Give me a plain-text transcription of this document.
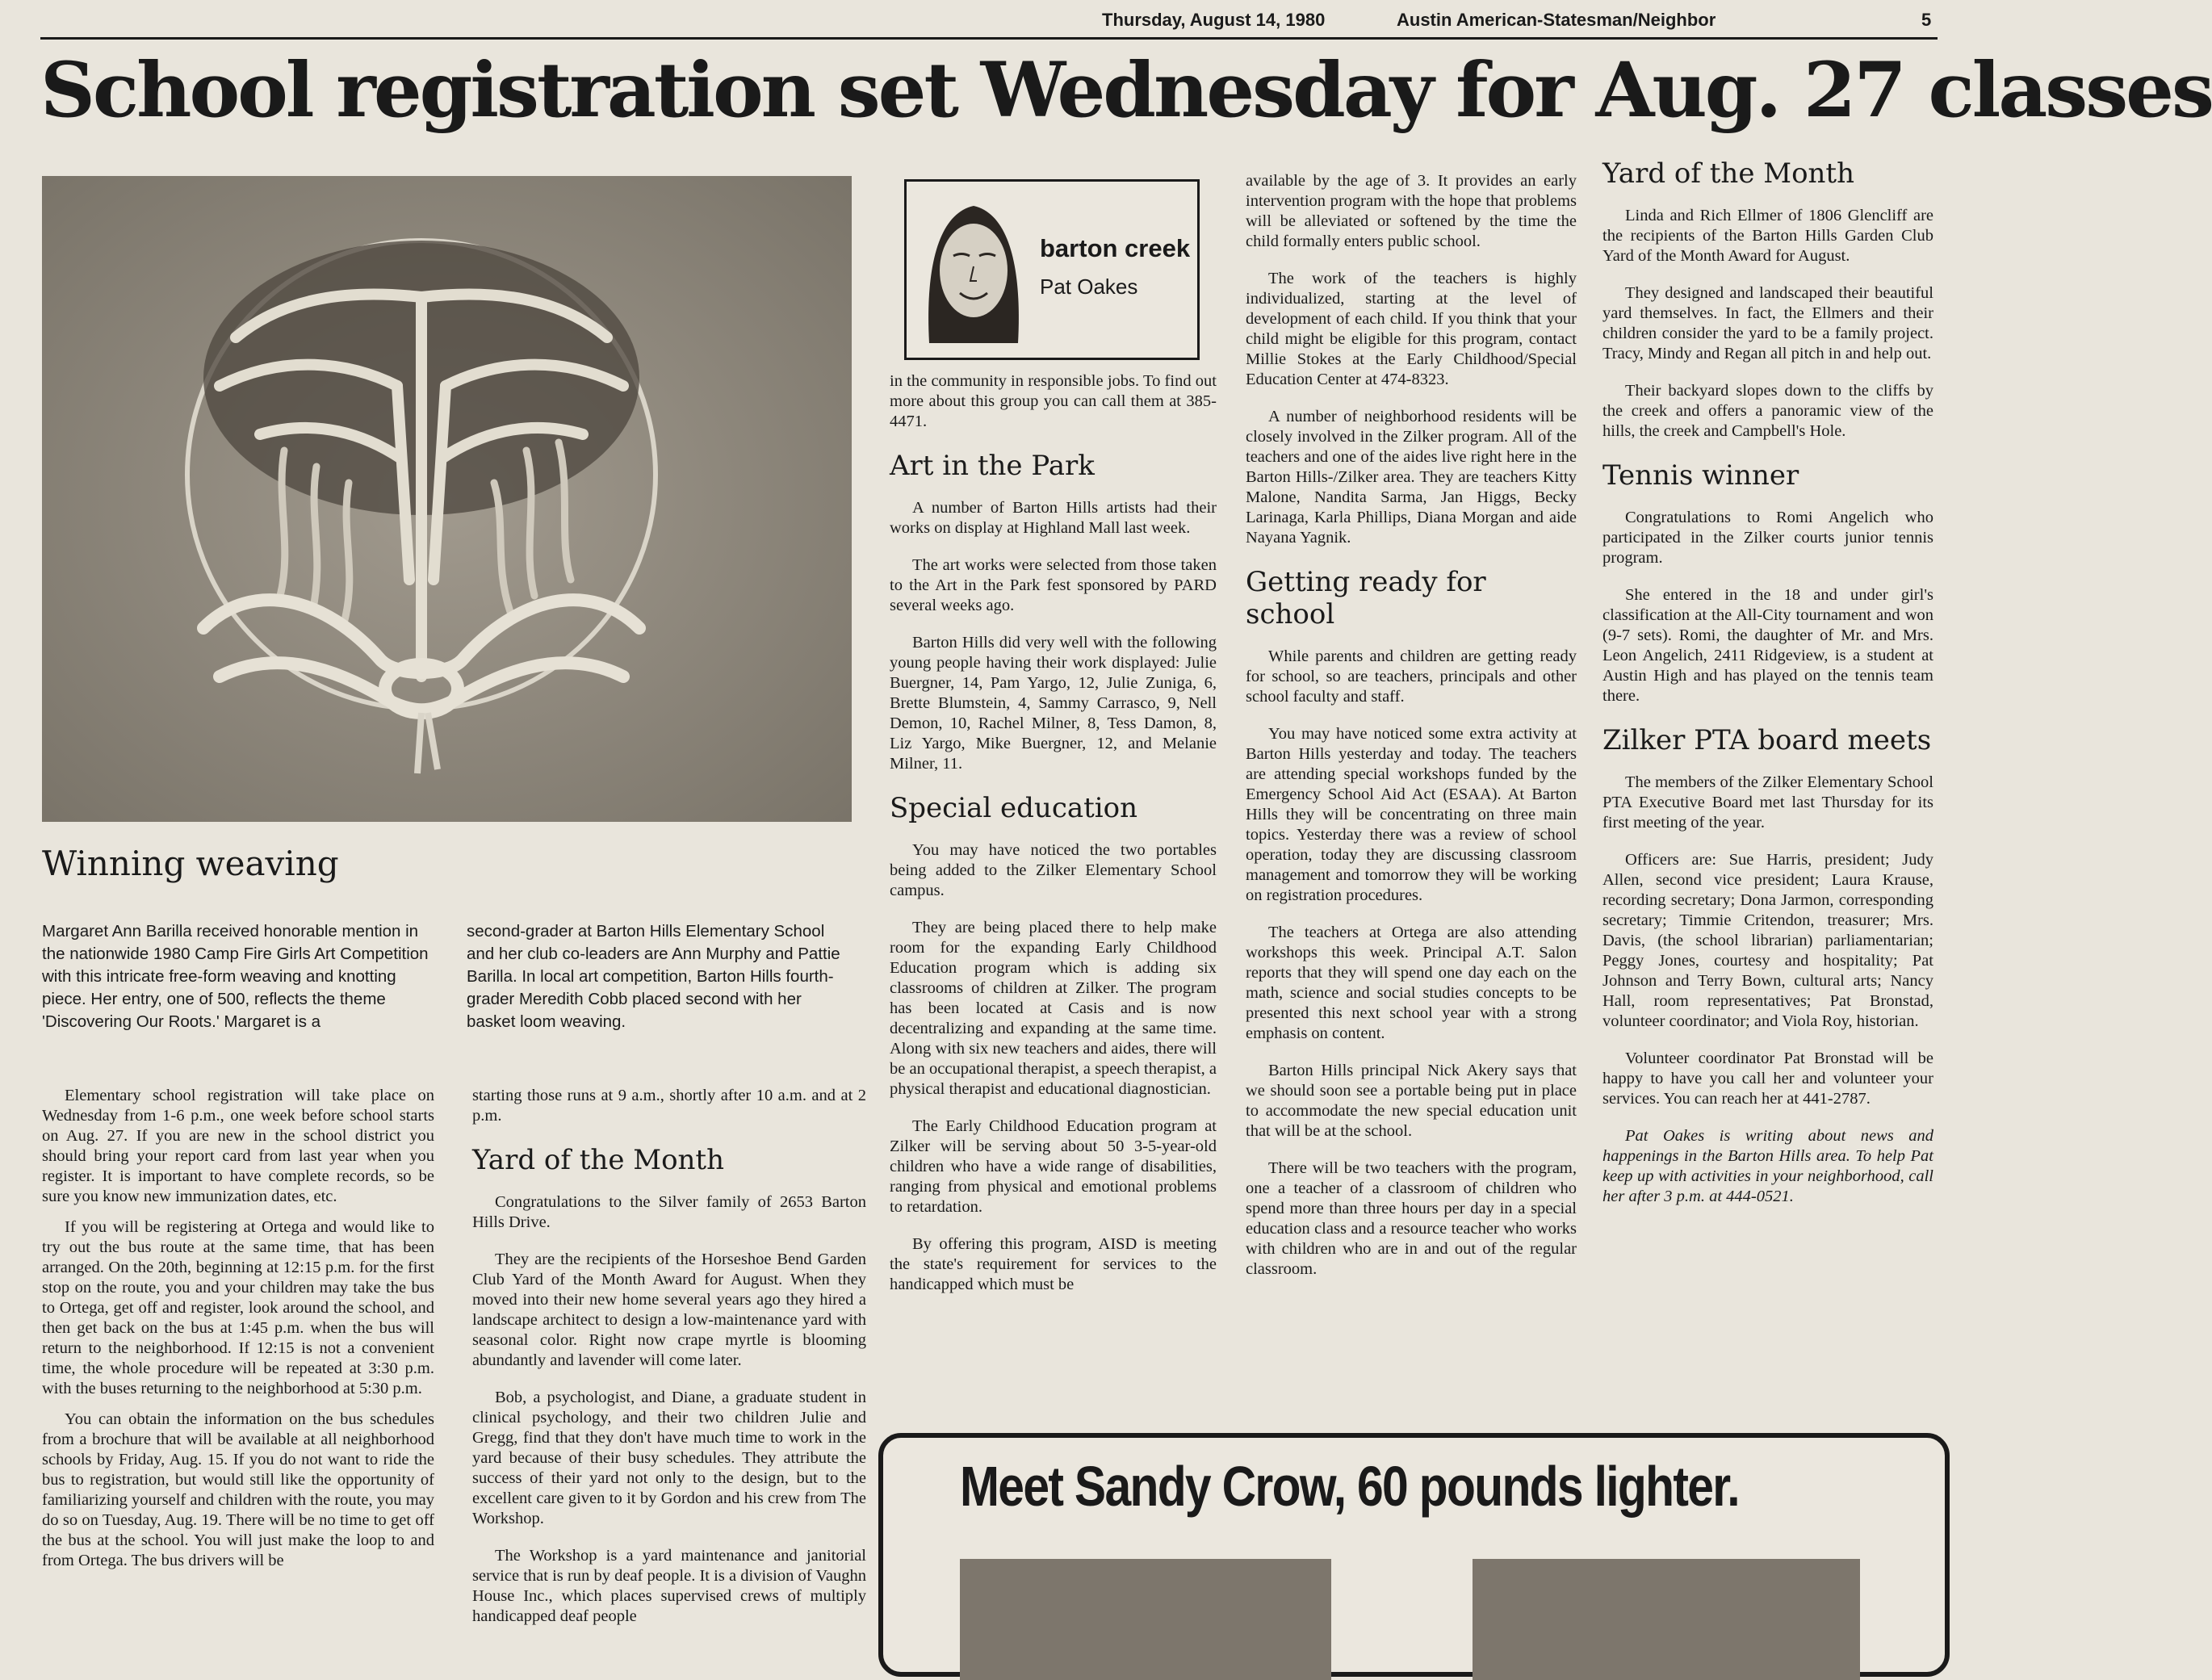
Thursday, August 14, 1980	Austin American-Statesman/Neighbor	5
School registration set Wednesday for Aug. 27 classes
Winning weaving

Margaret Ann Barilla received honorable mention in the nationwide 1980 Camp Fire Girls Art Competition with this intricate free-form weaving and knotting piece. Her entry, one of 500, reflects the theme 'Discovering Our Roots.' Margaret is a

second-grader at Barton Hills Elementary School and her club co-leaders are Ann Murphy and Pattie Barilla. In local art competition, Barton Hills fourth-grader Meredith Cobb placed second with her basket loom weaving.

Elementary school registration will take place on Wednesday from 1-6 p.m., one week before school starts on Aug. 27. If you are new in the school district you should bring your report card from last year when you register. It is important to have complete records, so be sure you know new immunization dates, etc.

If you will be registering at Ortega and would like to try out the bus route at the same time, that has been arranged. On the 20th, beginning at 12:15 p.m. for the first stop on the route, you and your children may take the bus to Ortega, get off and register, look around the school, and then get back on the bus at 1:45 p.m. when the bus will return to the neighborhood. If 12:15 is not a convenient time, the whole procedure will be repeated at 3:30 p.m. with the buses returning to the neighborhood at 5:30 p.m.

You can obtain the information on the bus schedules from a brochure that will be available at all neighborhood schools by Friday, Aug. 15. If you do not want to ride the bus to registration, but would still like the opportunity of familiarizing yourself and children with the route, you may do so on Tuesday, Aug. 19. There will be no time to get off the bus at the school. You will just make the loop to and from Ortega. The bus drivers will be

starting those runs at 9 a.m., shortly after 10 a.m. and at 2 p.m.

Yard of the Month

Congratulations to the Silver family of 2653 Barton Hills Drive.

They are the recipients of the Horseshoe Bend Garden Club Yard of the Month Award for August. When they moved into their new home several years ago they hired a landscape architect to design a low-maintenance yard with seasonal color. Right now crape myrtle is blooming abundantly and lavender will come later.

Bob, a psychologist, and Diane, a graduate student in clinical psychology, and their two children Julie and Gregg, find that they don't have much time to work in the yard because of their busy schedules. They attribute the success of their yard not only to the design, but to the excellent care given to it by Gordon and his crew from The Workshop.

The Workshop is a yard maintenance and janitorial service that is run by deaf people. It is a division of Vaughn House Inc., which places supervised crews of multiply handicapped deaf people

barton creek
Pat Oakes

in the community in responsible jobs. To find out more about this group you can call them at 385-4471.

Art in the Park

A number of Barton Hills artists had their works on display at Highland Mall last week.

The art works were selected from those taken to the Art in the Park fest sponsored by PARD several weeks ago.

Barton Hills did very well with the following young people having their work displayed: Julie Buergner, 14, Pam Yargo, 12, Julie Zuniga, 6, Brette Blumstein, 4, Sammy Carrasco, 9, Nell Demon, 10, Rachel Milner, 8, Tess Damon, 8, Liz Yargo, Mike Buergner, 12, and Melanie Milner, 11.

Special education

You may have noticed the two portables being added to the Zilker Elementary School campus.

They are being placed there to help make room for the expanding Early Childhood Education program which is adding six classrooms of children at Zilker. The program has been located at Casis and is now decentralizing and expanding at the same time. Along with six new teachers and aides, there will be an occupational therapist, a speech therapist, a physical therapist and educational diagnostician.

The Early Childhood Education program at Zilker will be serving about 50 3-5-year-old children who have a wide range of disabilities, ranging from physical and emotional problems to retardation.

By offering this program, AISD is meeting the state's requirement for services to the handicapped which must be

available by the age of 3. It provides an early intervention program with the hope that problems will be alleviated or softened by the time the child formally enters public school.

The work of the teachers is highly individualized, starting at the level of development of each child. If you think that your child might be eligible for this program, contact Millie Stokes at the Early Childhood/Special Education Center at 474-8323.

A number of neighborhood residents will be closely involved in the Zilker program. All of the teachers and one of the aides live right here in the Barton Hills-/Zilker area. They are teachers Kitty Malone, Nandita Sarma, Jan Higgs, Becky Larinaga, Karla Phillips, Diana Morgan and aide Nayana Yagnik.

Getting ready for school

While parents and children are getting ready for school, so are teachers, principals and other school faculty and staff.

You may have noticed some extra activity at Barton Hills yesterday and today. The teachers are attending special workshops funded by the Emergency School Aid Act (ESAA). At Barton Hills they will be concentrating on three main topics. Yesterday there was a review of school operation, today they are discussing classroom management and tomorrow they will be working on registration procedures.

The teachers at Ortega are also attending workshops this week. Principal A.T. Salon reports that they will spend one day each on the math, science and social studies concepts to be presented this next school year with a strong emphasis on content.

Barton Hills principal Nick Akery says that we should soon see a portable being put in place to accommodate the new special education unit that will be at the school.

There will be two teachers with the program, one a teacher of a classroom of children who spend more than three hours per day in a special education class and a resource teacher who works with children who are in and out of the regular classroom.

Yard of the Month

Linda and Rich Ellmer of 1806 Glencliff are the recipients of the Barton Hills Garden Club Yard of the Month Award for August.

They designed and landscaped their beautiful yard themselves. In fact, the Ellmers and their children consider the yard to be a family project. Tracy, Mindy and Regan all pitch in and help out.

Their backyard slopes down to the cliffs by the creek and offers a panoramic view of the hills, the creek and Campbell's Hole.

Tennis winner

Congratulations to Romi Angelich who participated in the Zilker courts junior tennis program.

She entered in the 18 and under girl's classification at the All-City tournament and won (9-7 sets). Romi, the daughter of Mr. and Mrs. Leon Angelich, 2411 Ridgeview, is a student at Austin High and has played on the tennis team there.

Zilker PTA board meets

The members of the Zilker Elementary School PTA Executive Board met last Thursday for its first meeting of the year.

Officers are: Sue Harris, president; Judy Allen, second vice president; Laura Krause, recording secretary; Dona Jarmon, corresponding secretary; Timmie Critendon, treasurer; Mrs. Davis, (the school librarian) parliamentarian; Peggy Jones, courtesy and hospitality; Pat Johnson and Terry Bown, cultural arts; Nancy Hall, room representatives; Pat Bronstad, volunteer coordinator; and Viola Roy, historian.

Volunteer coordinator Pat Bronstad will be happy to have you call her and volunteer your services. You can reach her at 441-2787.

Pat Oakes is writing about news and happenings in the Barton Hills area. To help Pat keep up with activities in your neighborhood, call her after 3 p.m. at 444-0521.

Meet Sandy Crow, 60 pounds lighter.
